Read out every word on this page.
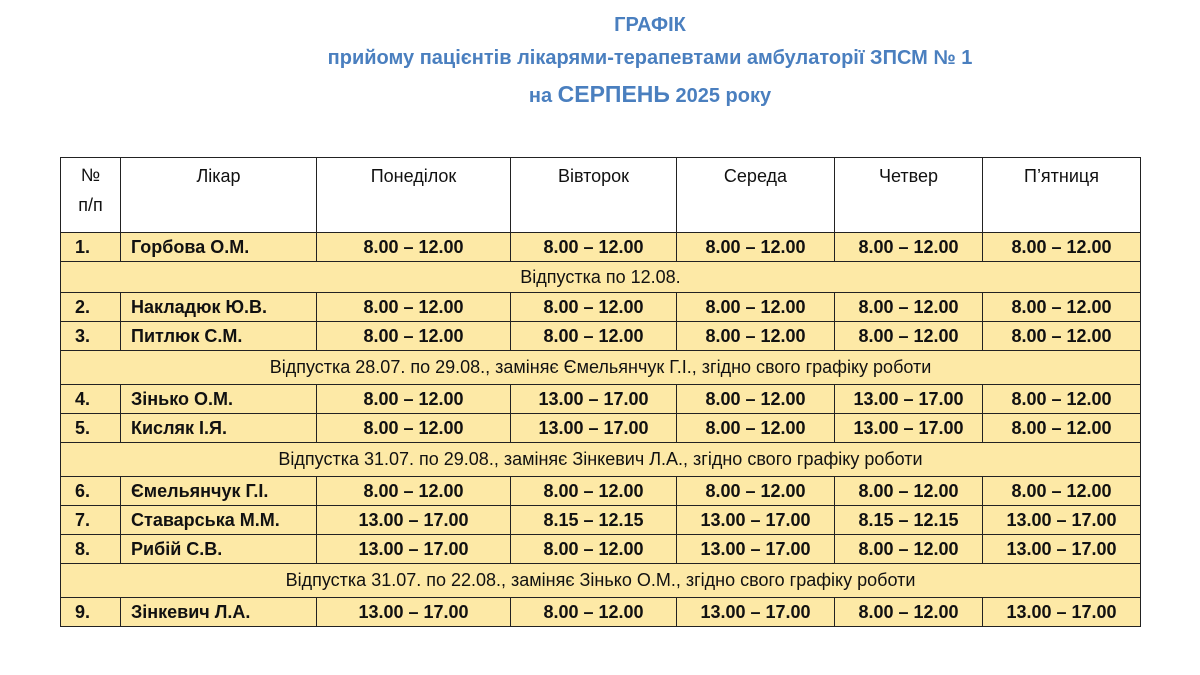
ГРАФІК
прийому пацієнтів лікарями-терапевтами амбулаторії ЗПСМ № 1
на СЕРПЕНЬ 2025 року
№
п/п	Лікар	Понеділок	Вівторок	Середа	Четвер	П’ятниця
1.	Горбова О.М.	8.00 – 12.00	8.00 – 12.00	8.00 – 12.00	8.00 – 12.00	8.00 – 12.00
Відпустка по 12.08.						
2.	Накладюк Ю.В.	8.00 – 12.00	8.00 – 12.00	8.00 – 12.00	8.00 – 12.00	8.00 – 12.00
3.	Питлюк С.М.	8.00 – 12.00	8.00 – 12.00	8.00 – 12.00	8.00 – 12.00	8.00 – 12.00
Відпустка 28.07. по 29.08., заміняє Ємельянчук Г.І., згідно свого графіку роботи						
4.	Зінько О.М.	8.00 – 12.00	13.00 – 17.00	8.00 – 12.00	13.00 – 17.00	8.00 – 12.00
5.	Кисляк І.Я.	8.00 – 12.00	13.00 – 17.00	8.00 – 12.00	13.00 – 17.00	8.00 – 12.00
Відпустка 31.07. по 29.08., заміняє Зінкевич Л.А., згідно свого графіку роботи						
6.	Ємельянчук Г.І.	8.00 – 12.00	8.00 – 12.00	8.00 – 12.00	8.00 – 12.00	8.00 – 12.00
7.	Ставарська М.М.	13.00 – 17.00	8.15 – 12.15	13.00 – 17.00	8.15 – 12.15	13.00 – 17.00
8.	Рибій С.В.	13.00 – 17.00	8.00 – 12.00	13.00 – 17.00	8.00 – 12.00	13.00 – 17.00
Відпустка 31.07. по 22.08., заміняє Зінько О.М., згідно свого графіку роботи						
9.	Зінкевич Л.А.	13.00 – 17.00	8.00 – 12.00	13.00 – 17.00	8.00 – 12.00	13.00 – 17.00
